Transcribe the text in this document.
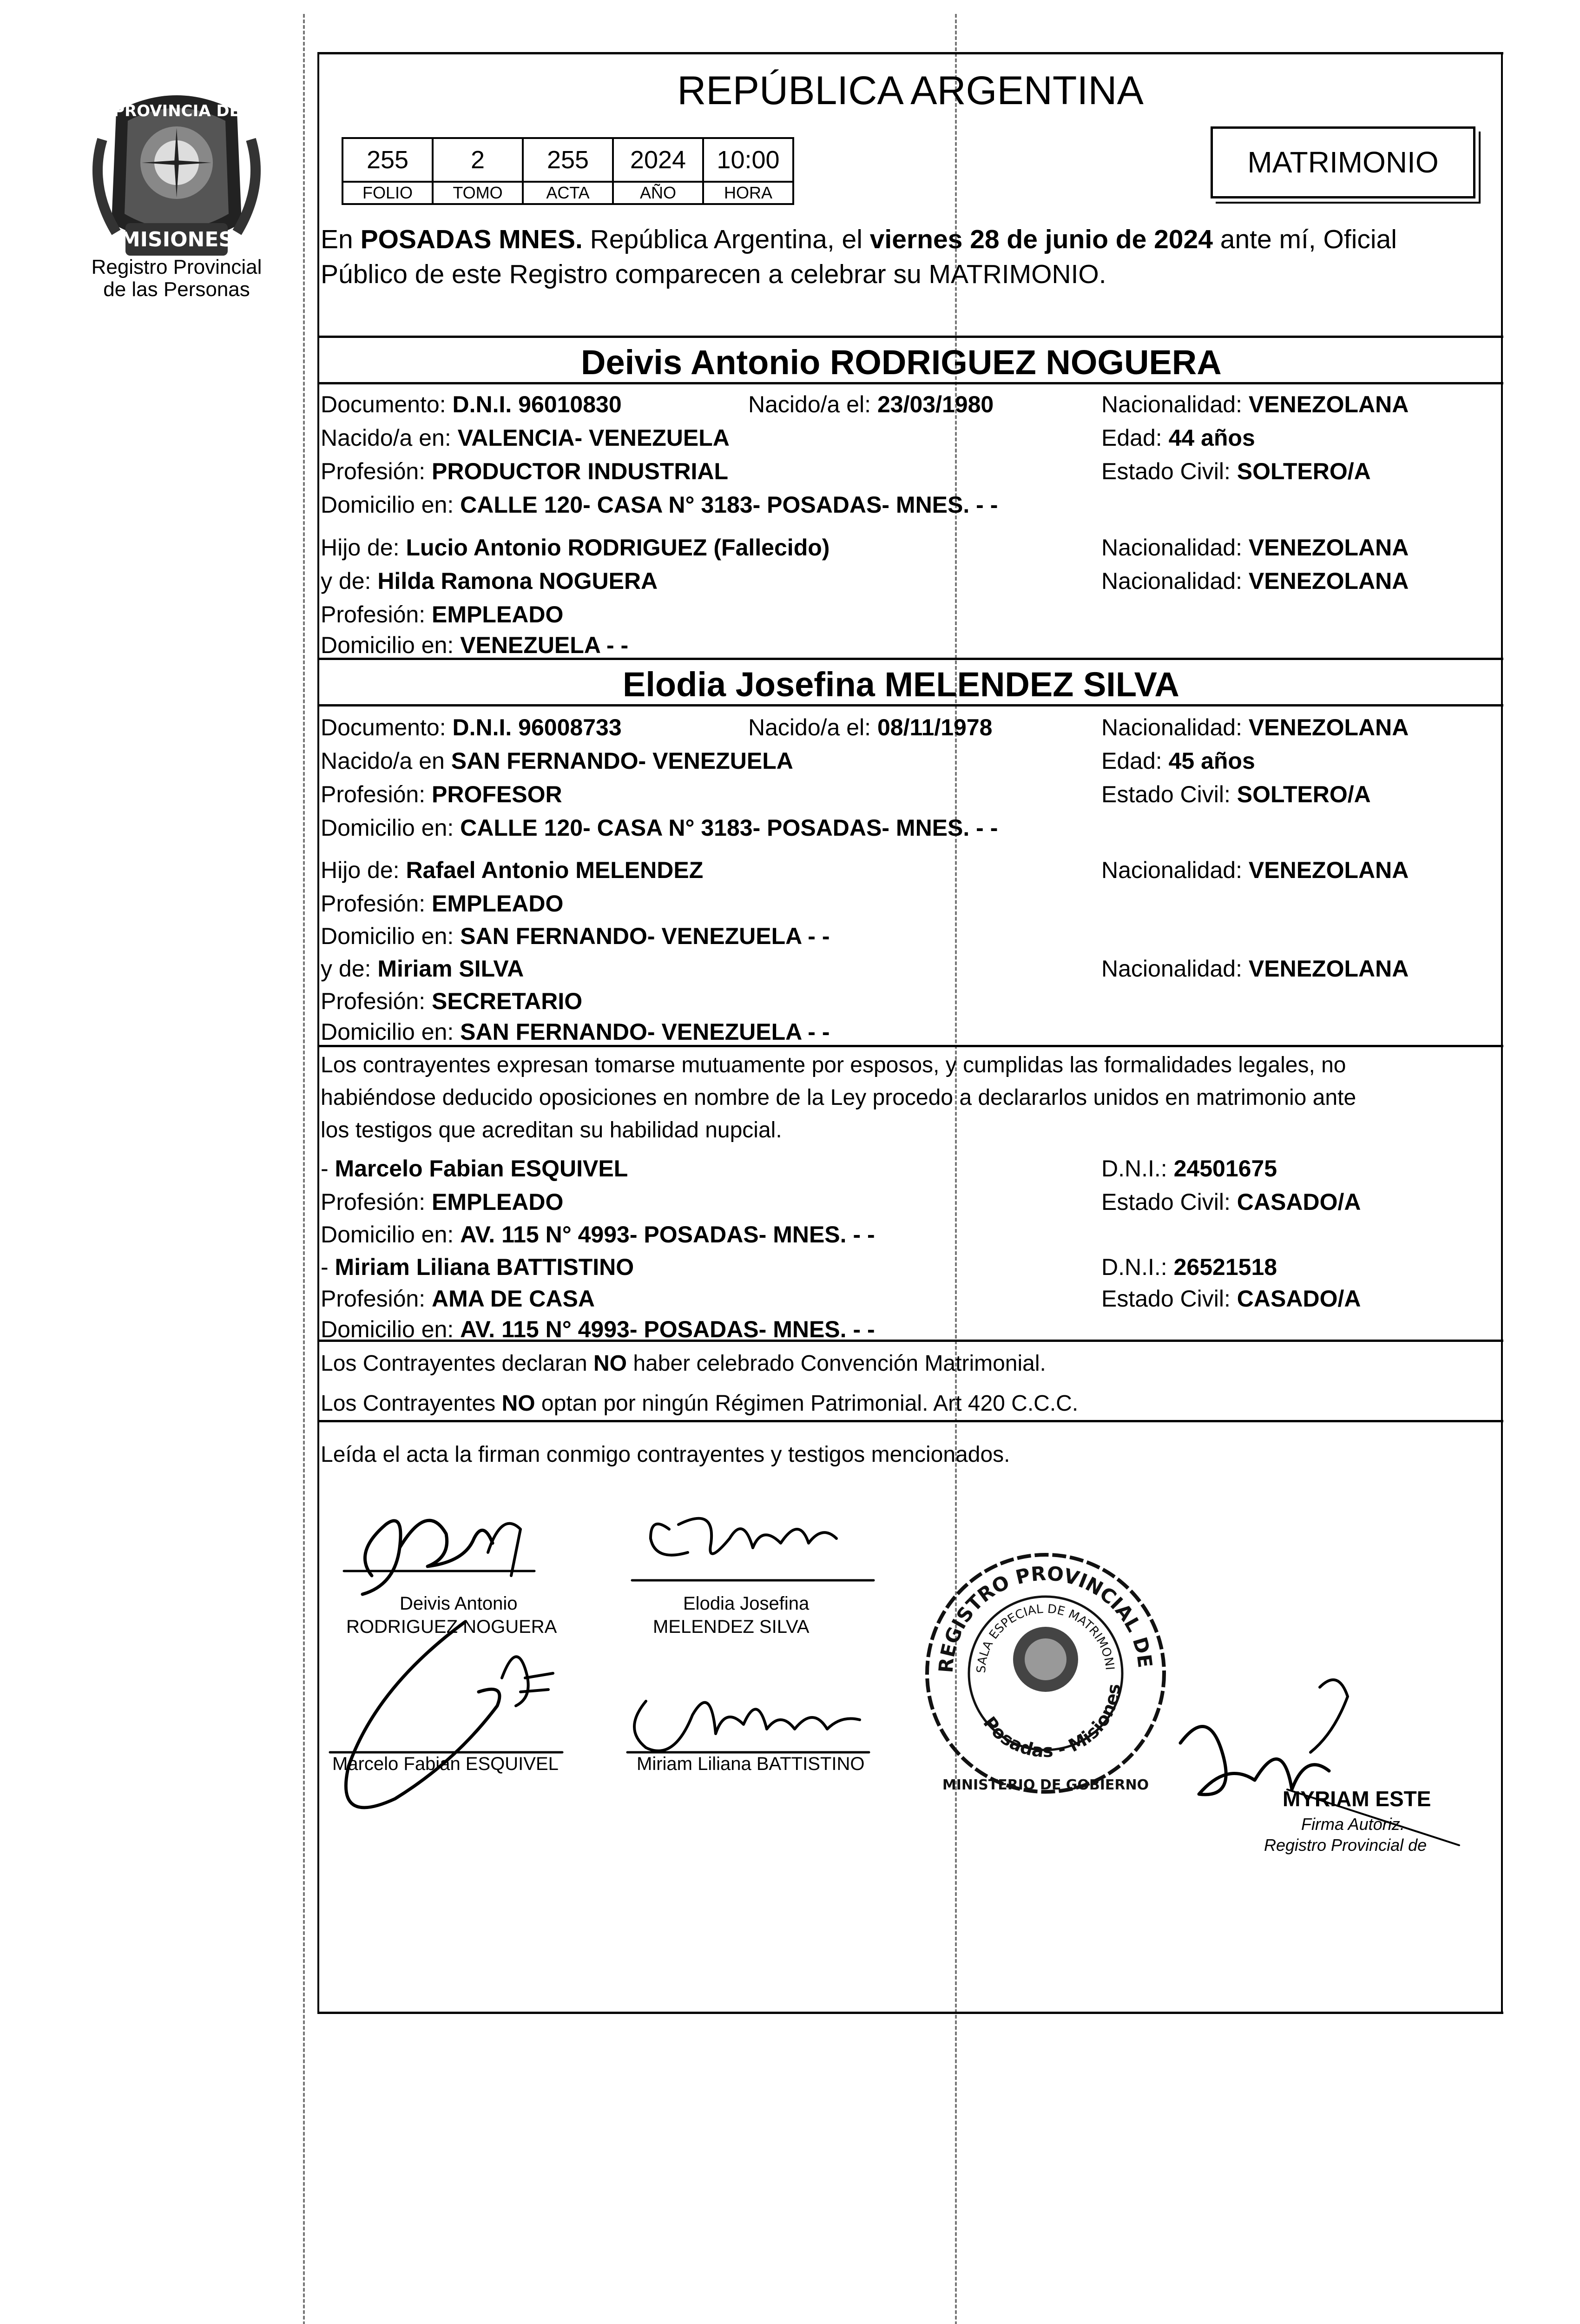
PROVINCIA DE
MISIONES
Registro Provincial
de las Personas
REPÚBLICA ARGENTINA
255	2	255	2024	10:00
FOLIO	TOMO	ACTA	AÑO	HORA
MATRIMONIO
En POSADAS MNES. República Argentina, el viernes 28 de junio de 2024 ante mí, Oficial
Público de este Registro comparecen a celebrar su MATRIMONIO.
Deivis Antonio RODRIGUEZ NOGUERA
Documento: D.N.I. 96010830	Nacido/a el: 23/03/1980	Nacionalidad: VENEZOLANA
Nacido/a en: VALENCIA- VENEZUELA	Edad: 44 años
Profesión: PRODUCTOR INDUSTRIAL	Estado Civil: SOLTERO/A
Domicilio en: CALLE 120- CASA N° 3183- POSADAS- MNES. - -
Hijo de: Lucio Antonio RODRIGUEZ (Fallecido)	Nacionalidad: VENEZOLANA
y de: Hilda Ramona NOGUERA	Nacionalidad: VENEZOLANA
Profesión: EMPLEADO
Domicilio en: VENEZUELA - -
Elodia Josefina MELENDEZ SILVA
Documento: D.N.I. 96008733	Nacido/a el: 08/11/1978	Nacionalidad: VENEZOLANA
Nacido/a en SAN FERNANDO- VENEZUELA	Edad: 45 años
Profesión: PROFESOR	Estado Civil: SOLTERO/A
Domicilio en: CALLE 120- CASA N° 3183- POSADAS- MNES. - -
Hijo de: Rafael Antonio MELENDEZ	Nacionalidad: VENEZOLANA
Profesión: EMPLEADO
Domicilio en: SAN FERNANDO- VENEZUELA - -
y de: Miriam SILVA	Nacionalidad: VENEZOLANA
Profesión: SECRETARIO
Domicilio en: SAN FERNANDO- VENEZUELA - -
Los contrayentes expresan tomarse mutuamente por esposos, y cumplidas las formalidades legales, no
habiéndose deducido oposiciones en nombre de la Ley procedo a declararlos unidos en matrimonio ante
los testigos que acreditan su habilidad nupcial.
- Marcelo Fabian ESQUIVEL	D.N.I.: 24501675
Profesión: EMPLEADO	Estado Civil: CASADO/A
Domicilio en: AV. 115 N° 4993- POSADAS- MNES. - -
- Miriam Liliana BATTISTINO	D.N.I.: 26521518
Profesión: AMA DE CASA	Estado Civil: CASADO/A
Domicilio en: AV. 115 N° 4993- POSADAS- MNES. - -
Los Contrayentes declaran NO haber celebrado Convención Matrimonial.
Los Contrayentes NO optan por ningún Régimen Patrimonial. Art 420 C.C.C.
Leída el acta la firman conmigo contrayentes y testigos mencionados.
Deivis Antonio
RODRIGUEZ NOGUERA
Elodia Josefina
MELENDEZ SILVA
Marcelo Fabian ESQUIVEL	Miriam Liliana BATTISTINO
REGISTRO PROVINCIAL DE
SALA ESPECIAL DE MATRIMONI
Posadas - Misiones
MINISTERIO DE GOBIERNO
MYRIAM ESTE
Firma Autoriz.
Registro Provincial de
